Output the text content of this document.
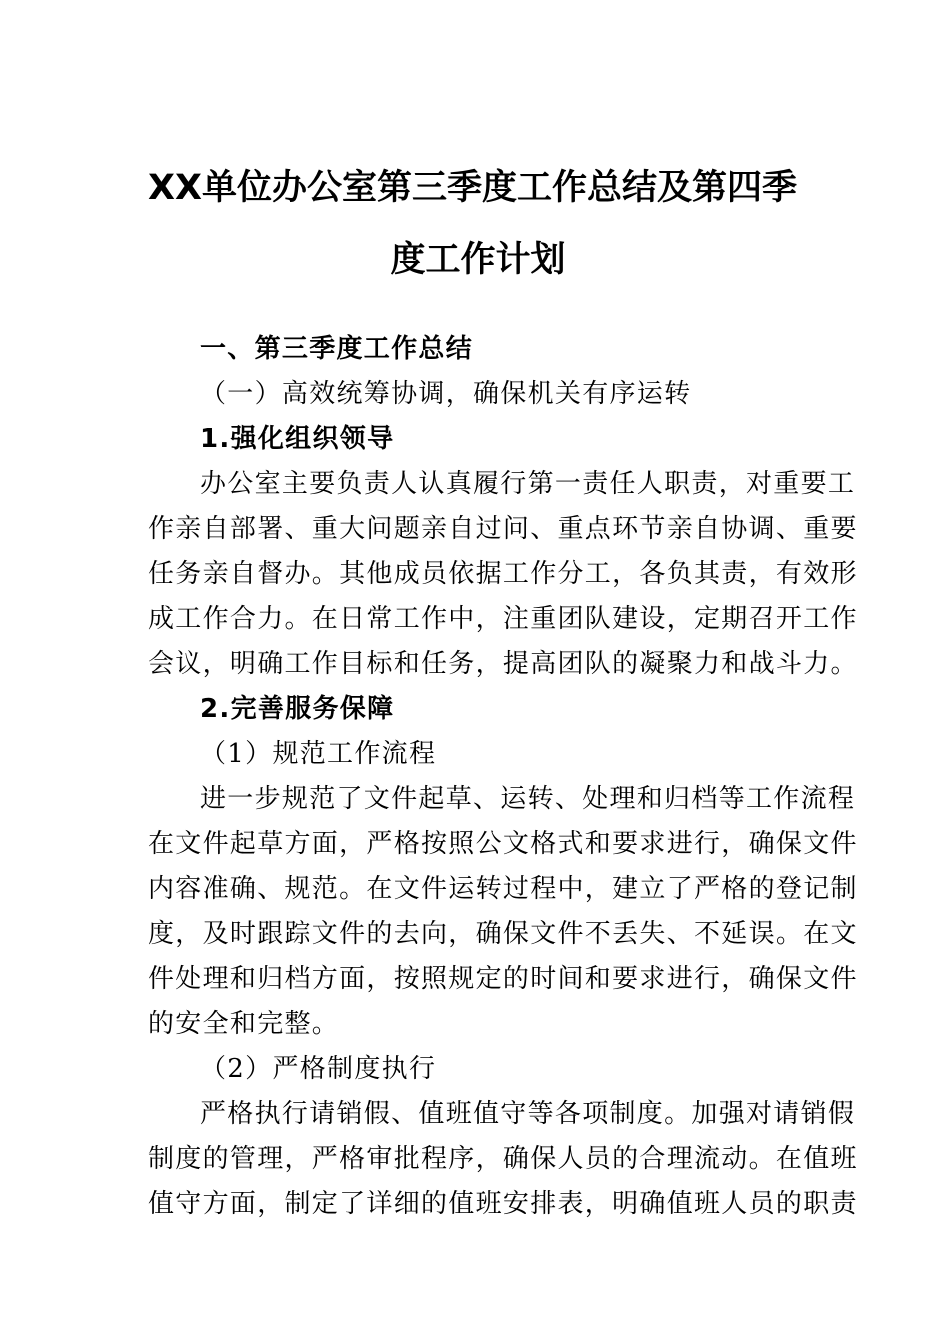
XX单位办公室第三季度工作总结及第四季
度工作计划

一、第三季度工作总结

（一）高效统筹协调，确保机关有序运转

1.强化组织领导

办公室主要负责人认真履行第一责任人职责，对重要工
作亲自部署、重大问题亲自过问、重点环节亲自协调、重要
任务亲自督办。其他成员依据工作分工，各负其责，有效形
成工作合力。在日常工作中，注重团队建设，定期召开工作
会议，明确工作目标和任务，提高团队的凝聚力和战斗力。

2.完善服务保障

（1）规范工作流程

进一步规范了文件起草、运转、处理和归档等工作流程
在文件起草方面，严格按照公文格式和要求进行，确保文件
内容准确、规范。在文件运转过程中，建立了严格的登记制
度，及时跟踪文件的去向，确保文件不丢失、不延误。在文
件处理和归档方面，按照规定的时间和要求进行，确保文件
的安全和完整。

（2）严格制度执行

严格执行请销假、值班值守等各项制度。加强对请销假
制度的管理，严格审批程序，确保人员的合理流动。在值班
值守方面，制定了详细的值班安排表，明确值班人员的职责
